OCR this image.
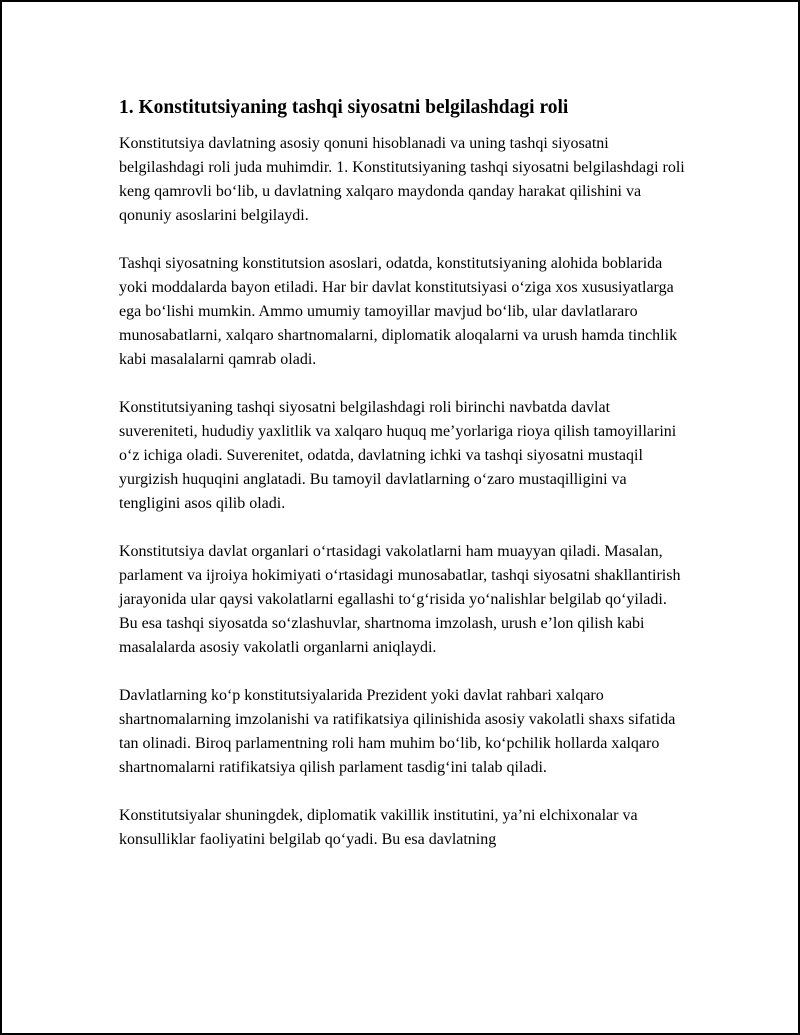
1. Konstitutsiyaning tashqi siyosatni belgilashdagi roli

Konstitutsiya davlatning asosiy qonuni hisoblanadi va uning tashqi siyosatni belgilashdagi roli juda muhimdir. 1. Konstitutsiyaning tashqi siyosatni belgilashdagi roli keng qamrovli bo‘lib, u davlatning xalqaro maydonda qanday harakat qilishini va qonuniy asoslarini belgilaydi.

Tashqi siyosatning konstitutsion asoslari, odatda, konstitutsiyaning alohida boblarida yoki moddalarda bayon etiladi. Har bir davlat konstitutsiyasi o‘ziga xos xususiyatlarga ega bo‘lishi mumkin. Ammo umumiy tamoyillar mavjud bo‘lib, ular davlatlararo munosabatlarni, xalqaro shartnomalarni, diplomatik aloqalarni va urush hamda tinchlik kabi masalalarni qamrab oladi.

Konstitutsiyaning tashqi siyosatni belgilashdagi roli birinchi navbatda davlat suvereniteti, hududiy yaxlitlik va xalqaro huquq me’yorlariga rioya qilish tamoyillarini o‘z ichiga oladi. Suverenitet, odatda, davlatning ichki va tashqi siyosatni mustaqil yurgizish huquqini anglatadi. Bu tamoyil davlatlarning o‘zaro mustaqilligini va tengligini asos qilib oladi.

Konstitutsiya davlat organlari o‘rtasidagi vakolatlarni ham muayyan qiladi. Masalan, parlament va ijroiya hokimiyati o‘rtasidagi munosabatlar, tashqi siyosatni shakllantirish jarayonida ular qaysi vakolatlarni egallashi to‘g‘risida yo‘nalishlar belgilab qo‘yiladi. Bu esa tashqi siyosatda so‘zlashuvlar, shartnoma imzolash, urush e’lon qilish kabi masalalarda asosiy vakolatli organlarni aniqlaydi.

Davlatlarning ko‘p konstitutsiyalarida Prezident yoki davlat rahbari xalqaro shartnomalarning imzolanishi va ratifikatsiya qilinishida asosiy vakolatli shaxs sifatida tan olinadi. Biroq parlamentning roli ham muhim bo‘lib, ko‘pchilik hollarda xalqaro shartnomalarni ratifikatsiya qilish parlament tasdig‘ini talab qiladi.

Konstitutsiyalar shuningdek, diplomatik vakillik institutini, ya’ni elchixonalar va konsulliklar faoliyatini belgilab qo‘yadi. Bu esa davlatning
